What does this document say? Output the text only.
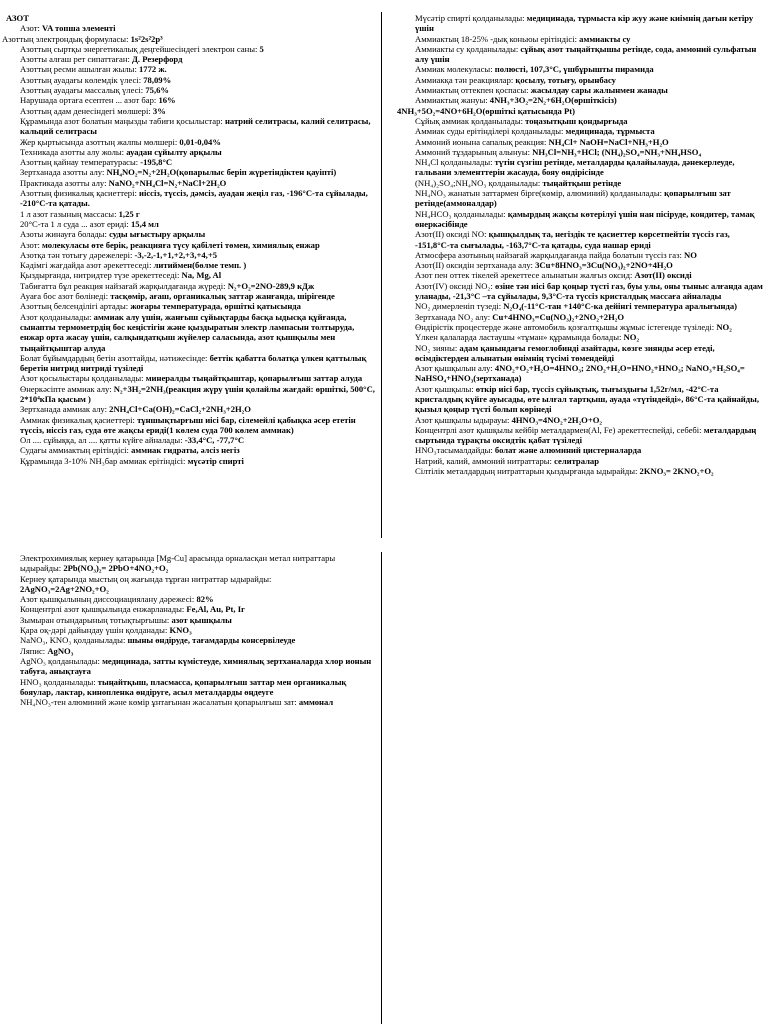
АЗОТ

Азот: VA топша элементі

Азоттың электрондық формуласы: 1s²2s²2p³

Азоттың сыртқы энергетикалық деңгейшесіндегі электрон саны: 5

Азотты алғаш рет сипаттаған: Д. Резерфорд

Азоттың ресми ашылған жылы: 1772 ж.

Азоттың ауадағы көлемдік үлесі: 78,09%

Азоттың ауадағы массалық үлесі: 75,6%

Нарушада ортаға есептен ... азот бар: 16%

Азоттың адам денесіндегі мөлшері: 3%

Құрамында азот болатын маңызды табиғи қосылыстар: натрий селитрасы, калий селитрасы, кальций селитрасы

Жер қыртысында азоттың жалпы мөлшері: 0,01-0,04%

Техникада азотты алу жолы: ауадан сұйылту арқылы

Азоттың қайнау температурасы: -195,8°C

Зертханада азотты алу: NH₄NO₂=N₂+2H₂O(қопарылыс беріп жүретіндіктен қауіпті)

Практикада азотты алу: NaNO₂+NH₄Cl=N₂+NaCl+2H₂O

Азоттың физикалық қасиеттері: иіссіз, түссіз, дәмсіз, ауадан жеңіл газ, -196°C-та сұйылады, -210°C-та қатады.

1 л азот газының массасы: 1,25 г

20°C-та 1 л суда ... азот ериді: 15,4 мл

Азоты жинауға болады: суды ығыстыру арқылы

Азот: молекуласы өте берік, реакцияға түсу қабілеті төмен, химиялық енжар

Азотқа тән тотығу дәрежелері: -3,-2,-1,+1,+2,+3,+4,+5

Кәдімгі жағдайда азот әрекеттеседі: литиймен(бөлме темп. )

Қыздырғанда, нитридтер түзе әрекеттеседі: Na, Mg, Al

Табиғатта бұл реакция найзағай жарқылдағанда жүреді: N₂+O₂=2NO-289,9 кДж

Ауаға бос азот бөлінеді: тасқөмір, ағаш, органикалық заттар жанғанда, шірігенде

Азоттың белсенділігі артады: жоғары температурада, өршіткі қатысында

Азот қолданылады: аммиак алу үшін, жанғыш сұйықтарды басқа ыдысқа құйғанда, сынапты термометрдің бос кеңістігін және қыздыратын электр лампасын толтыруда, енжар орта жасау үшін, салқындатқыш жүйелер саласында, азот қышқылы мен тыңайтқыштар алуда

Болат бұйымдардың бетін азоттайды, нәтижесінде: беттік қабатта болатқа үлкен қаттылық беретін нитрид нитридi түзіледі

Азот қосылыстары қолданылады: минералды тыңайтқыштар, қопарылғыш заттар алуда

Өнеркәсіпте аммиак алу: N₂+3H₂=2NH₃(реакция жүру үшін қолайлы жағдай: өршіткі, 500°C, 2*10⁴кПа қысым )

Зертханада аммиак алу: 2NH₄Cl+Ca(OH)₂=CaCl₂+2NH₃+2H₂O

Аммиак физикалық қасиеттері: тұншықтырғыш иісі бар, сілемейлі қабықка әсер ететін түссіз, иіссіз газ, суда өте жақсы ериді(1 көлем суда 700 көлем аммиак)

Ол .... сұйыққа, ал .... қатты күйге айналады: -33,4°C, -77,7°C

Судағы аммиактың ерітіндісі: аммиак гидраты, әлсіз негіз

Құрамында 3-10% NH₃бар аммиак ерітіндісі: мүсәтір спирті

Мүсәтір спирті қолданылады: медицинада, тұрмыста кір жуу және киімнің дағын кетіру үшін

Аммиактың 18-25% -дық коньюы ерітіндісі: аммиакты су

Аммиакты су қолданылады: сұйық азот тыңайтқышы ретінде, сода, аммоний сульфатын алу үшін

Аммиак молекуласы: полюсті, 107,3°C, үшбұрышты пирамида

Аммиакқа тән реакциялар: қосылу, тотығу, орынбасу

Аммиактың оттекпен қоспасы: жасылдау сары жалынмен жанады

Аммиактың жануы: 4NH₃+3O₂=2N₂+6H₂O(өршіткісіз)

4NH₃+5O₂=4NO+6H₂O(өршіткі қатысында Pt)

Сұйық аммиак қолданылады: тоңазытқыш қондырғыда

Аммиак суды ерітінділері қолданылады: медицинада, тұрмыста

Аммоний ионына сапалық реакция: NH₄Cl+ NaOH=NaCl+NH₃+H₂O

Аммоний тұздарының алынуы: NH₃Cl=NH₃+HCl; (NH₄)₂SO₄=NH₃+NH₄HSO₄

NH₄Cl қолданылады: түтін сүзгіш ретінде, металдарды қалайылауда, дәнекерлеуде, гальвани элементтерін жасауда, бояу өндірісінде

(NH₄)₂SO₄;NH₄NO₃ қолданылады: тыңайтқыш ретінде

NH₄NO₃ жанатын заттармен бірге(көмір, алюминий) қолданылады: қопарылғыш зат ретінде(аммоналдар)

NH₄HCO₃ қолданылады: қамырдың жақсы көтерілуі үшін нан пісіруде, кондитер, тамақ өнеркәсібінде

Азот(II) оксиді NO: қышқылдық та, негіздік те қасиеттер көрсетпейтін түссіз газ, -151,8°C-та сығылады, -163,7°C-та қатады, суда нашар ериді

Атмосфера азотының найзағай жарқылдағанда пайда болатын түссіз газ: NO

Азот(II) оксидін зертханада алу: 3Cu+8HNO₃=3Cu(NO₃)₂+2NO+4H₂O

Азот пен оттек тікелей әрекеттесе алынатын жалғыз оксид: Азот(II) оксиді

Азот(IV) оксиді NO₂: өзіне тән иісі бар қоңыр түсті газ, буы улы, оны тыныс алғанда адам уланады, -21,3°C –та сұйылады, 9,3°C-та түссіз кристалдық массаға айналады

NO₂ димерленіп түзеді: N₂O₄(-11°C-тан +140°C-ка дейінгі температура аралығында)

Зертханада NO₂ алу: Cu+4HNO₃=Cu(NO₃)₂+2NO₂+2H₂O

Өндірістік процестерде және автомобиль қозғалтқышы жұмыс істегенде түзіледі: NO₂

Үлкен қалаларда ластаушы «тұман» құрамында болады: NO₂

NO₂ зияны: адам қанындағы гемоглобинді азайтады, көзге зиянды әсер етеді, өсімдіктерден алынатын өнімнің түсімі төмендейді

Азот қышқылын алу: 4NO₂+O₂+H₂O=4HNO₃; 2NO₂+H₂O=HNO₂+HNO₃; NaNO₃+H₂SO₄= NaHSO₄+HNO₃(зертханада)

Азот қышқылы: өткір иісі бар, түссіз сұйықтық, тығыздығы 1,52г/мл, -42°C-та кристалдық күйге ауысады, өте ылғал тартқыш, ауада «түтіндейді», 86°C-та қайнайды, қызыл қоңыр түсті болып көрінеді

Азот қышқылы ыдырауы: 4HNO₃=4NO₂+2H₂O+O₂

Концентрлі азот қышқылы кейбір металдармен(Al, Fe) әрекеттеспейді, себебі: металдардың сыртында тұрақты оксидтік қабат түзіледі

HNO₃тасымалдайды: болат және алюминий цистерналарда

Натрий, калий, аммоний нитраттары: селитралар

Сілтілік металдардың нитраттарын қыздырғанда ыдырайды: 2KNO₃= 2KNO₂+O₂

Электрохимиялық кернеу қатарында [Mg-Cu] арасында орналасқан метал нитраттары ыдырайды: 2Pb(NO₃)₂= 2PbO+4NO₂+O₂

Кернеу қатарында мыстың оң жағында тұрған нитраттар ыдырайды:

2AgNO₃=2Ag+2NO₂+O₂

Азот қышқылының диссоциациялану дәрежесі: 82%

Концентрлі азот қышқылында енжарланады: Fe,Al, Au, Pt, Ir

Зымыран отындарының тотықтырғышы: азот қышқылы

Қара оқ-дәрі дайындау үшін қолданады: KNO₃

NaNO₃, KNO₃ қолданылады: шыны өндіруде, тағамдарды консервілеуде

Ляпис: AgNO₃

AgNO₃ қолданылады: медицинада, затты күмістеуде, химиялық зертханаларда хлор ионын табуға, анықтауға

HNO₃ қолданылады: тыңайтқыш, пласмасса, қопарылғыш заттар мен органикалық бояулар, лактар, кинопленка өндіруге, асыл металдарды өңдеуге

NH₄NO₃-тен алюминий және көмір ұнтағынан жасалатын қопарылғыш зат: аммонал
